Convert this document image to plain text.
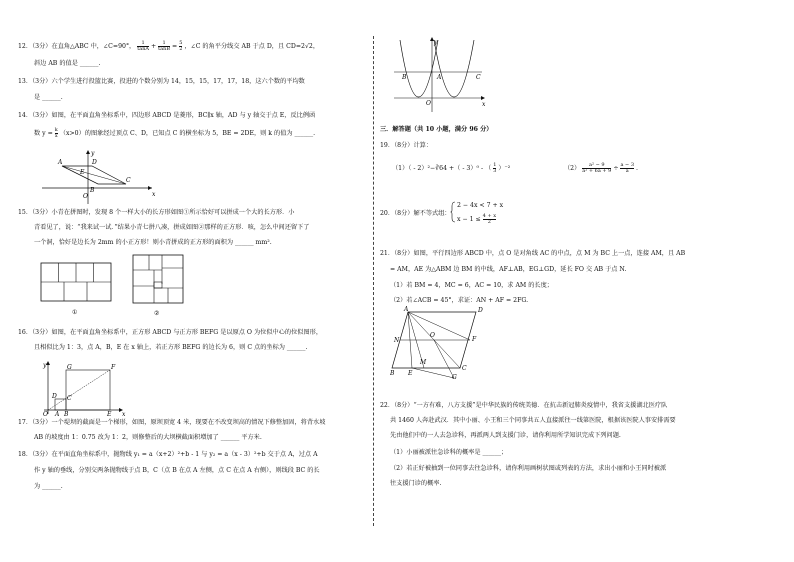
12．（3分）在直角△ABC 中，∠C=90°， $\frac{1}{\tan A} + \frac{1}{\tan B} = \frac{5}{2}$ ，∠C 的角平分线交 AB 于点 D，且 CD=2√2，
斜边 AB 的值是 ______.
13．（3分）六个学生进行投篮比赛，投进的个数分别为 14，15，15，17，17，18，这六个数的平均数
是 ______.
14．（3分）如图，在平面直角坐标系中，四边形 ABCD 是菱形，BC∥x 轴，AD 与 y 轴交于点 E，反比例函
数 $y = \frac{k}{x} (x>0)$的图象经过顶点 C、D，已知点 C 的横坐标为 5，BE = 2DE，则 k 的值为 ______.
A	D
E
B
C
O	x
y
15．（3分）小青在拼图时，发现 8 个一样大小的长方形如图①所示恰好可以拼成一个大的长方形．小
青看见了，说：“我来试一试．”结果小青七拼八凑，拼成如图②那样的正方形．咳，怎么中间还留下了
一个洞，恰好是边长为 2mm 的小正方形！则小青拼成的正方形的面积为 ______ mm².
①	②
16．（3分）如图，在平面直角坐标系中，正方形 ABCD 与正方形 BEFG 是以原点 O 为位似中心的位似图形，
且相似比为 1：3，点 A，B，E 在 x 轴上，若正方形 BEFG 的边长为 6，则 C 点的坐标为 ______.
G	F
D C
O A B	E x
y
17．（3分）一个堤坝的截面是一个梯形，如图，原坝顶宽 4 米，现要在不改变坝高的情况下修整加固，将背水坡
AB 的坡度由 1：0.75 改为 1：2，则修整后的大坝横截面积增加了 ______ 平方米.
18．（3分）在平面直角坐标系中，抛物线 y₁ = a（x+2）²+b - 1 与 y₂ = a（x - 3）²+b 交于点 A，过点 A
作 y 轴的垂线，分别交两条抛物线于点 B，C（点 B 在点 A 左侧，点 C 在点 A 右侧），则线段 BC 的长
为 ______.
y
B	A	C
O	x
三．解答题（共 10 小题，满分 96 分）
19．（8分）计算：
（1）（ - 2）²−∛64 +（ - 3）⁰ - （ $\frac{1}{3} )^{-2}$	$(2) \frac{\text{a² − 9}}{\text{a² + 6a + 9}} \div \frac{a - 3}{a}$ .
20．（8分）解不等式组：
2 − 4x < 7 + x
$x - 1 \le \frac{4 + x}{2}$
21．（8分）如图，平行四边形 ABCD 中，点 O 是对角线 AC 的中点，点 M 为 BC 上一点，连接 AM，且 AB
= AM，AE 为△ABM 边 BM 的中线，AF⊥AB，EG⊥GD，延长 FO 交 AB 于点 N.
（1）若 BM = 4，MC = 6，AC = 10，求 AM 的长度；
（2）若∠ACB = 45°，求证：AN + AF = 2FG.
A	D
N
O
F
B E
M
C
G
22．（8分）“一方有难，八方支援”是中华民族的传统美德．在抗击新冠肺炎疫情中，我省支援湖北医疗队
共 1460 人奔赴武汉．其中小丽、小王和三个同事共五人直接派往一线第医院，根据该医院人事安排需要
先由他们中的一人去急诊科，再派两人到支援门诊，请你利用所学知识完成下列问题.
（1）小丽被派往急诊科的概率是 ______；
（2）若正好被抽到一位同事去往急诊科，请你利用画树状图或列表的方法，求出小丽和小王同时被派
往支援门诊的概率.
